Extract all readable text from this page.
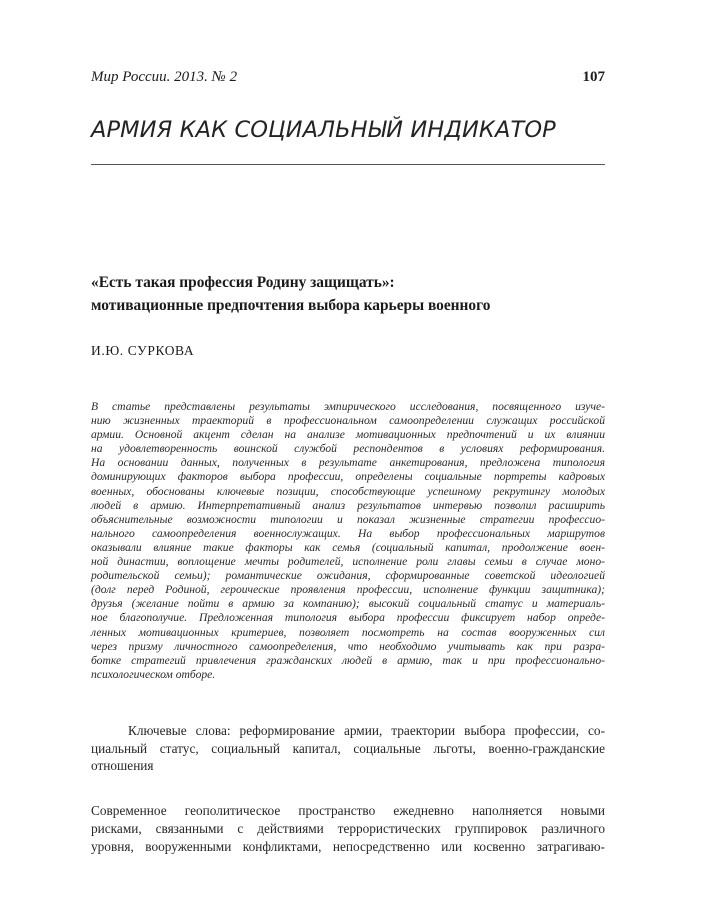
Мир России. 2013. № 2	107
АРМИЯ КАК СОЦИАЛЬНЫЙ ИНДИКАТОР
«Есть такая профессия Родину защищать»:
мотивационные предпочтения выбора карьеры военного
И.Ю. СУРКОВА
В статье представлены результаты эмпирического исследования, посвященного изуче-
нию жизненных траекторий в профессиональном самоопределении служащих российской
армии. Основной акцент сделан на анализе мотивационных предпочтений и их влиянии
на удовлетворенность воинской службой респондентов в условиях реформирования.
На основании данных, полученных в результате анкетирования, предложена типология
доминирующих факторов выбора профессии, определены социальные портреты кадровых
военных, обоснованы ключевые позиции, способствующие успешному рекрутингу молодых
людей в армию. Интерпретативный анализ результатов интервью позволил расширить
объяснительные возможности типологии и показал жизненные стратегии профессио-
нального самоопределения военнослужащих. На выбор профессиональных маршрутов
оказывали влияние такие факторы как семья (социальный капитал, продолжение воен-
ной династии, воплощение мечты родителей, исполнение роли главы семьи в случае моно-
родительской семьи); романтические ожидания, сформированные советской идеологией
(долг перед Родиной, героические проявления профессии, исполнение функции защитника);
друзья (желание пойти в армию за компанию); высокий социальный статус и материаль-
ное благополучие. Предложенная типология выбора профессии фиксирует набор опреде-
ленных мотивационных критериев, позволяет посмотреть на состав вооруженных сил
через призму личностного самоопределения, что необходимо учитывать как при разра-
ботке стратегий привлечения гражданских людей в армию, так и при профессионально-
психологическом отборе.
Ключевые слова: реформирование армии, траектории выбора профессии, со-
циальный статус, социальный капитал, социальные льготы, военно-гражданские
отношения
Современное геополитическое пространство ежедневно наполняется новыми
рисками, связанными с действиями террористических группировок различного
уровня, вооруженными конфликтами, непосредственно или косвенно затрагиваю-
